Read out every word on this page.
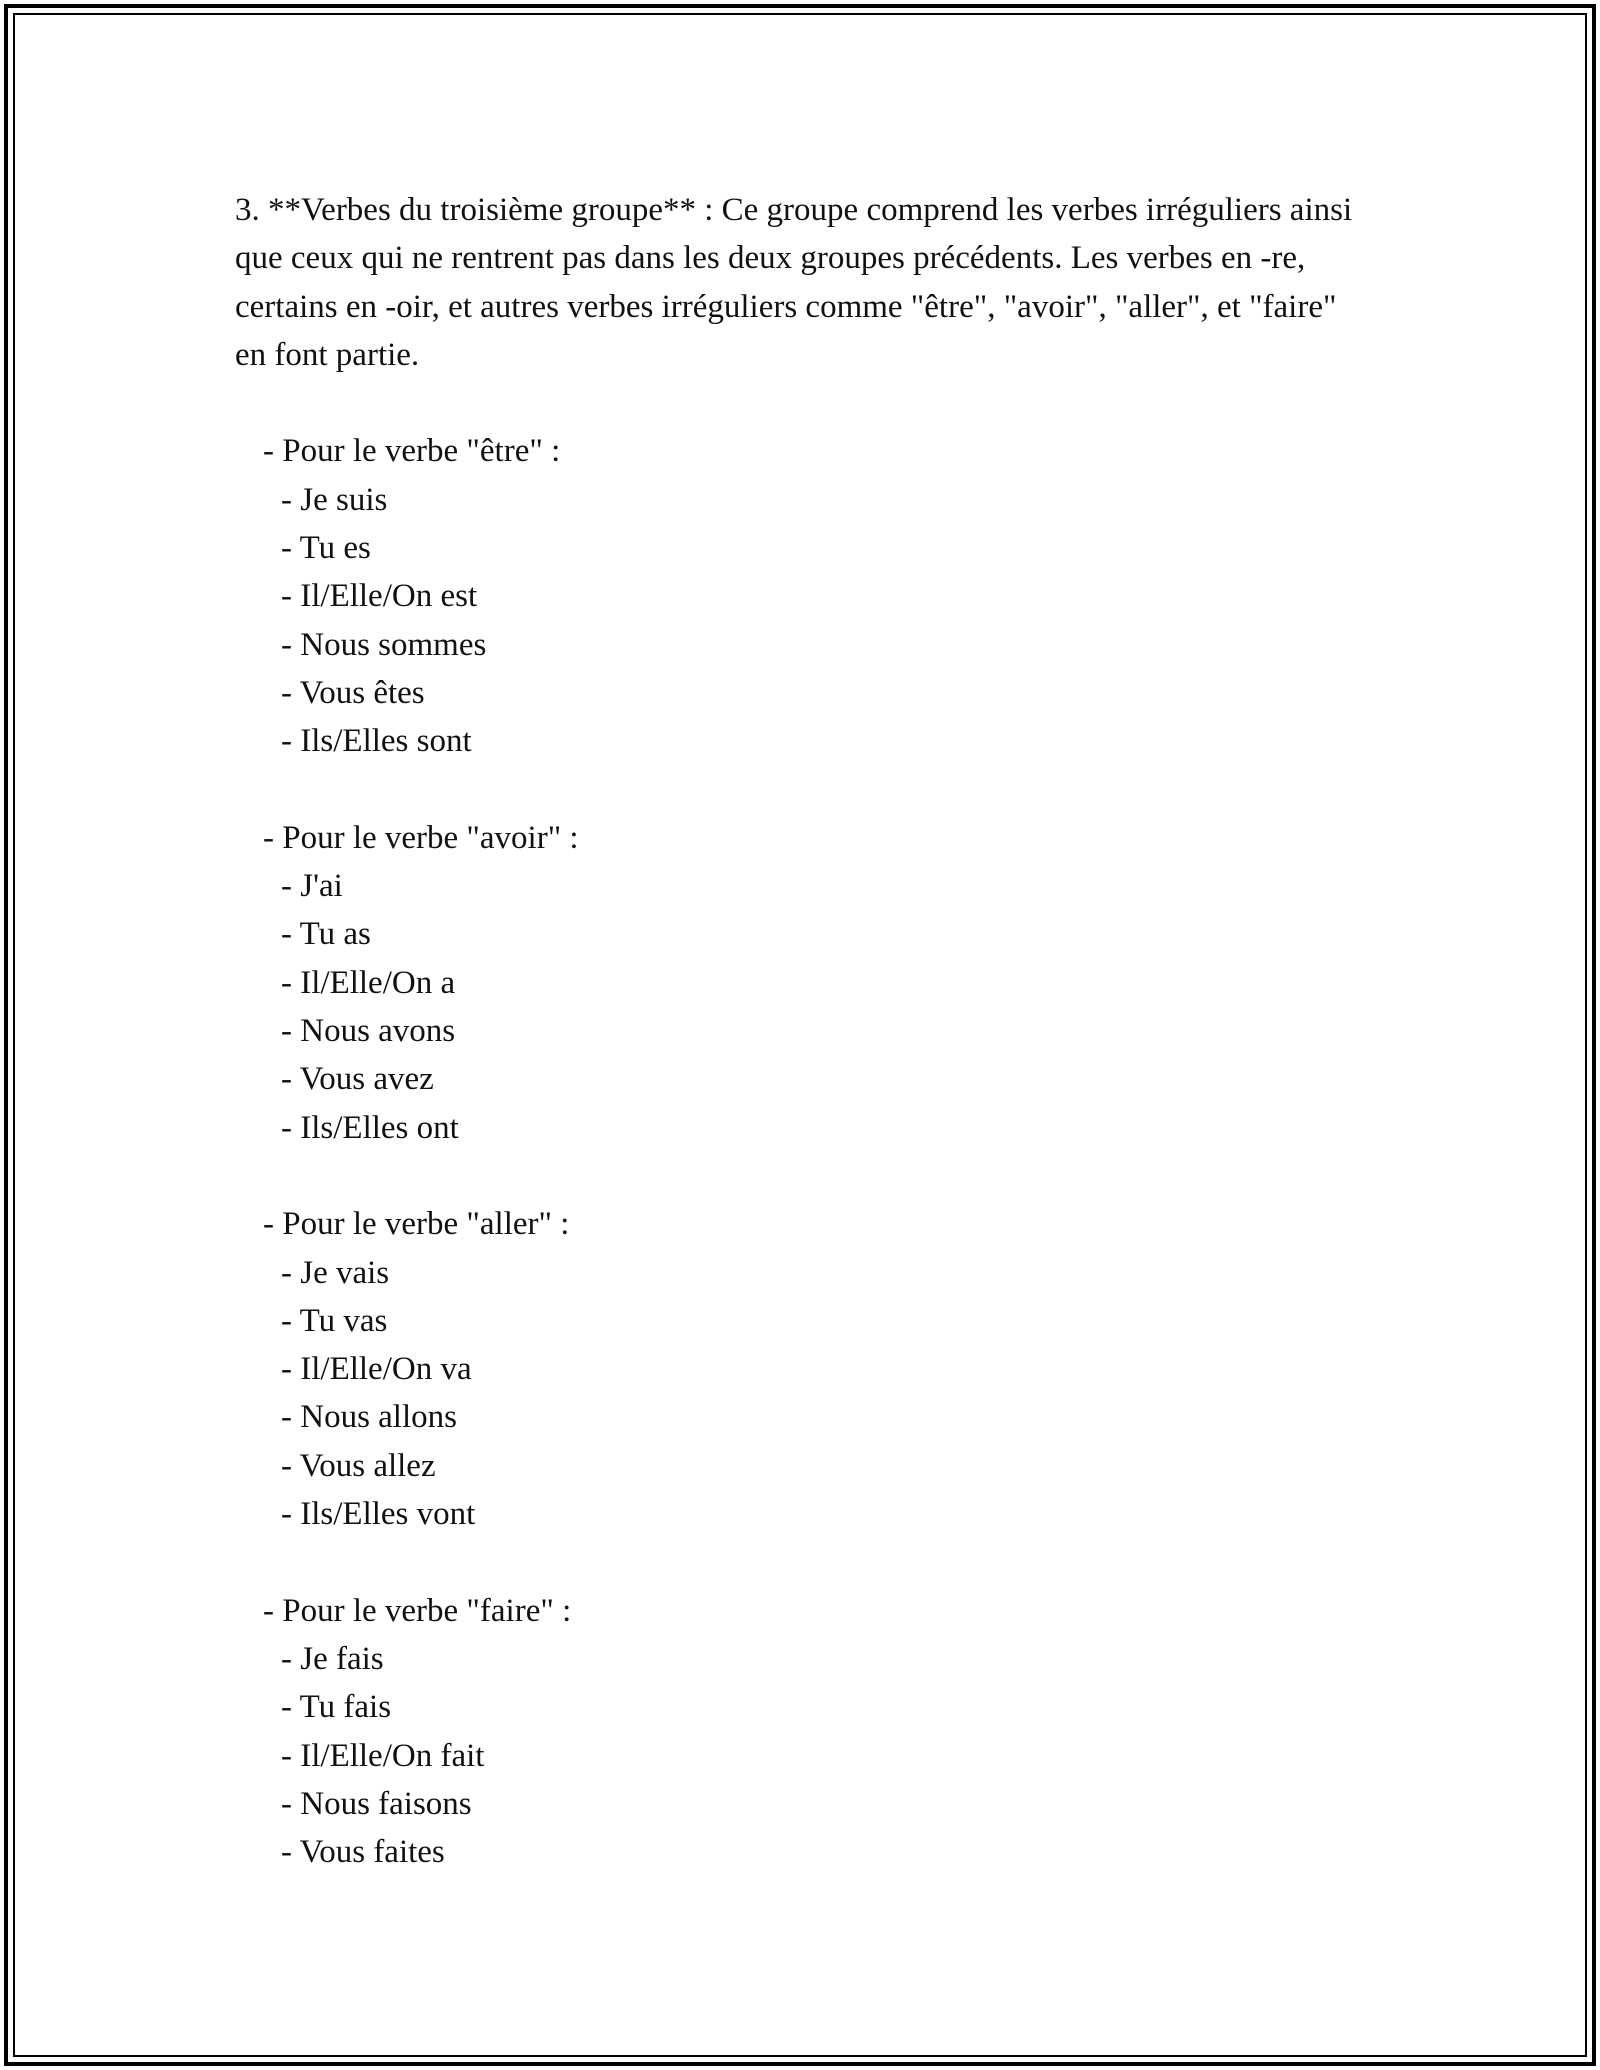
3. **Verbes du troisième groupe** : Ce groupe comprend les verbes irréguliers ainsi que ceux qui ne rentrent pas dans les deux groupes précédents. Les verbes en -re, certains en -oir, et autres verbes irréguliers comme "être", "avoir", "aller", et "faire" en font partie.

- Pour le verbe "être" :
- Je suis
- Tu es
- Il/Elle/On est
- Nous sommes
- Vous êtes
- Ils/Elles sont
- Pour le verbe "avoir" :
- J'ai
- Tu as
- Il/Elle/On a
- Nous avons
- Vous avez
- Ils/Elles ont
- Pour le verbe "aller" :
- Je vais
- Tu vas
- Il/Elle/On va
- Nous allons
- Vous allez
- Ils/Elles vont
- Pour le verbe "faire" :
- Je fais
- Tu fais
- Il/Elle/On fait
- Nous faisons
- Vous faites
